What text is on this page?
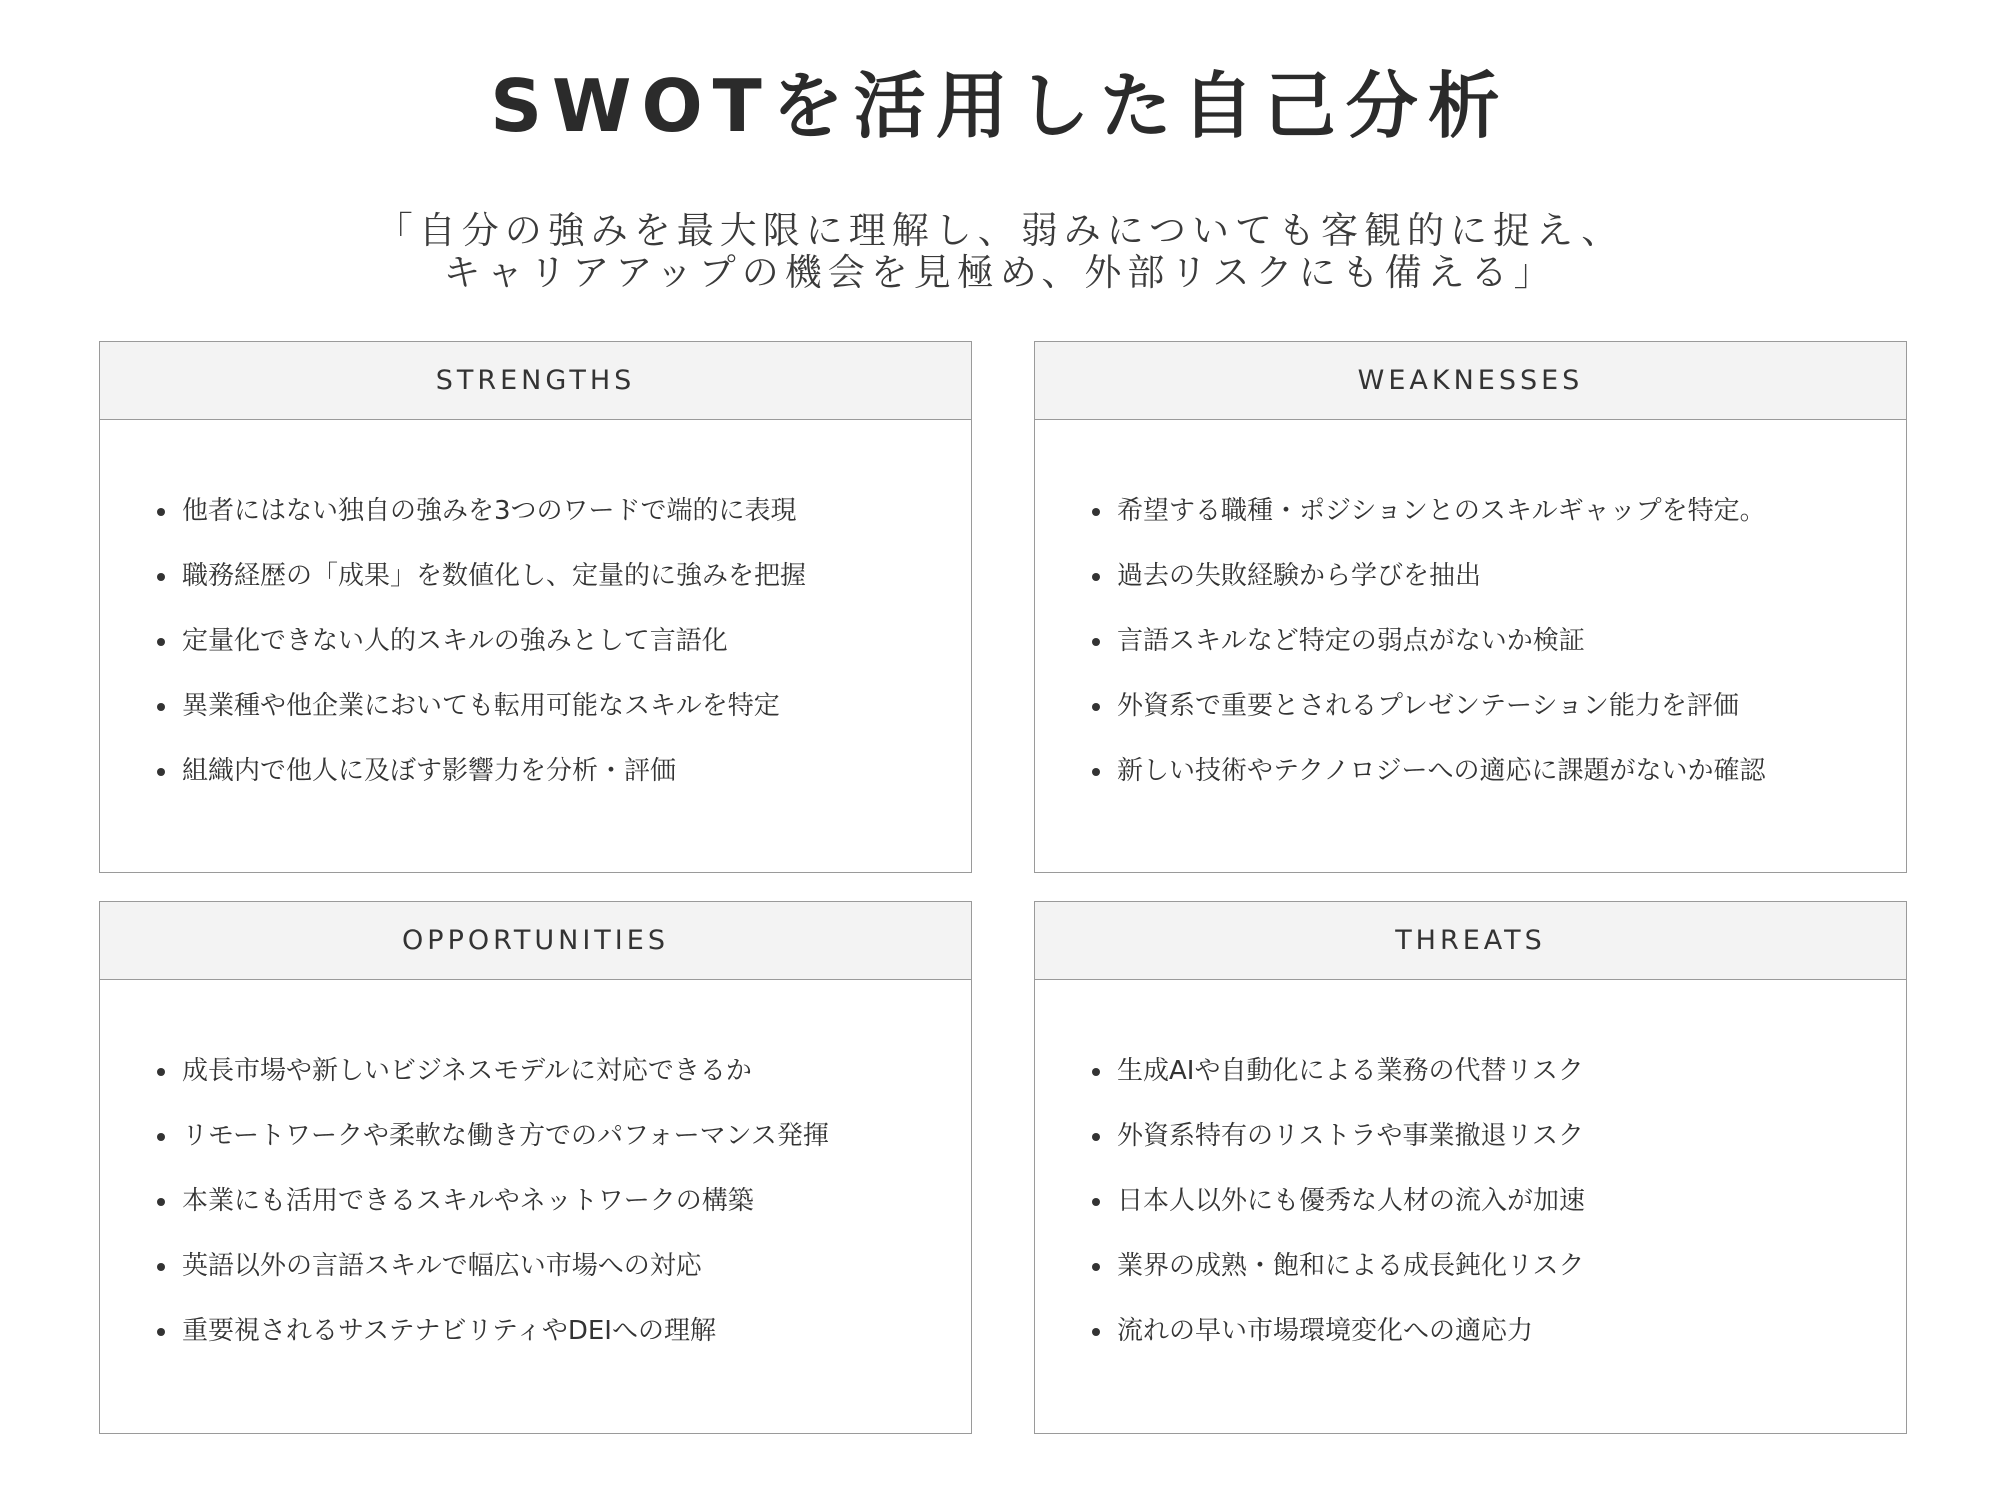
SWOTを活用した自己分析
「自分の強みを最大限に理解し、弱みについても客観的に捉え、
キャリアアップの機会を見極め、外部リスクにも備える」
STRENGTHS
他者にはない独自の強みを3つのワードで端的に表現
職務経歴の「成果」を数値化し、定量的に強みを把握
定量化できない人的スキルの強みとして言語化
異業種や他企業においても転用可能なスキルを特定
組織内で他人に及ぼす影響力を分析・評価
WEAKNESSES
希望する職種・ポジションとのスキルギャップを特定。
過去の失敗経験から学びを抽出
言語スキルなど特定の弱点がないか検証
外資系で重要とされるプレゼンテーション能力を評価
新しい技術やテクノロジーへの適応に課題がないか確認
OPPORTUNITIES
成長市場や新しいビジネスモデルに対応できるか
リモートワークや柔軟な働き方でのパフォーマンス発揮
本業にも活用できるスキルやネットワークの構築
英語以外の言語スキルで幅広い市場への対応
重要視されるサステナビリティやDEIへの理解
THREATS
生成AIや自動化による業務の代替リスク
外資系特有のリストラや事業撤退リスク
日本人以外にも優秀な人材の流入が加速
業界の成熟・飽和による成長鈍化リスク
流れの早い市場環境変化への適応力
